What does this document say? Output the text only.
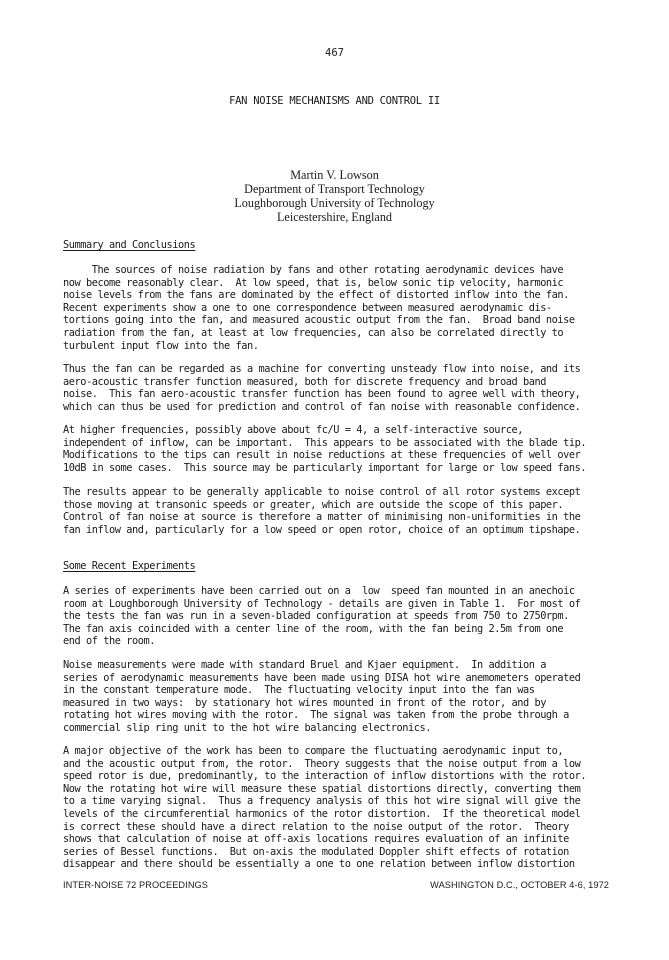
467
FAN NOISE MECHANISMS AND CONTROL II
Martin V. Lowson
Department of Transport Technology
Loughborough University of Technology
Leicestershire, England
Summary and Conclusions
The sources of noise radiation by fans and other rotating aerodynamic devices have
now become reasonably clear.  At low speed, that is, below sonic tip velocity, harmonic
noise levels from the fans are dominated by the effect of distorted inflow into the fan.
Recent experiments show a one to one correspondence between measured aerodynamic dis-
tortions going into the fan, and measured acoustic output from the fan.  Broad band noise
radiation from the fan, at least at low frequencies, can also be correlated directly to
turbulent input flow into the fan.
Thus the fan can be regarded as a machine for converting unsteady flow into noise, and its
aero-acoustic transfer function measured, both for discrete frequency and broad band
noise.  This fan aero-acoustic transfer function has been found to agree well with theory,
which can thus be used for prediction and control of fan noise with reasonable confidence.
At higher frequencies, possibly above about fc/U = 4, a self-interactive source,
independent of inflow, can be important.  This appears to be associated with the blade tip.
Modifications to the tips can result in noise reductions at these frequencies of well over
10dB in some cases.  This source may be particularly important for large or low speed fans.
The results appear to be generally applicable to noise control of all rotor systems except
those moving at transonic speeds or greater, which are outside the scope of this paper.
Control of fan noise at source is therefore a matter of minimising non-uniformities in the
fan inflow and, particularly for a low speed or open rotor, choice of an optimum tipshape.
Some Recent Experiments
A series of experiments have been carried out on a  low  speed fan mounted in an anechoic
room at Loughborough University of Technology - details are given in Table 1.  For most of
the tests the fan was run in a seven-bladed configuration at speeds from 750 to 2750rpm.
The fan axis coincided with a center line of the room, with the fan being 2.5m from one
end of the room.
Noise measurements were made with standard Bruel and Kjaer equipment.  In addition a
series of aerodynamic measurements have been made using DISA hot wire anemometers operated
in the constant temperature mode.  The fluctuating velocity input into the fan was
measured in two ways:  by stationary hot wires mounted in front of the rotor, and by
rotating hot wires moving with the rotor.  The signal was taken from the probe through a
commercial slip ring unit to the hot wire balancing electronics.
A major objective of the work has been to compare the fluctuating aerodynamic input to,
and the acoustic output from, the rotor.  Theory suggests that the noise output from a low
speed rotor is due, predominantly, to the interaction of inflow distortions with the rotor.
Now the rotating hot wire will measure these spatial distortions directly, converting them
to a time varying signal.  Thus a frequency analysis of this hot wire signal will give the
levels of the circumferential harmonics of the rotor distortion.  If the theoretical model
is correct these should have a direct relation to the noise output of the rotor.  Theory
shows that calculation of noise at off-axis locations requires evaluation of an infinite
series of Bessel functions.  But on-axis the modulated Doppler shift effects of rotation
disappear and there should be essentially a one to one relation between inflow distortion
INTER-NOISE 72 PROCEEDINGS	WASHINGTON D.C., OCTOBER 4-6, 1972
